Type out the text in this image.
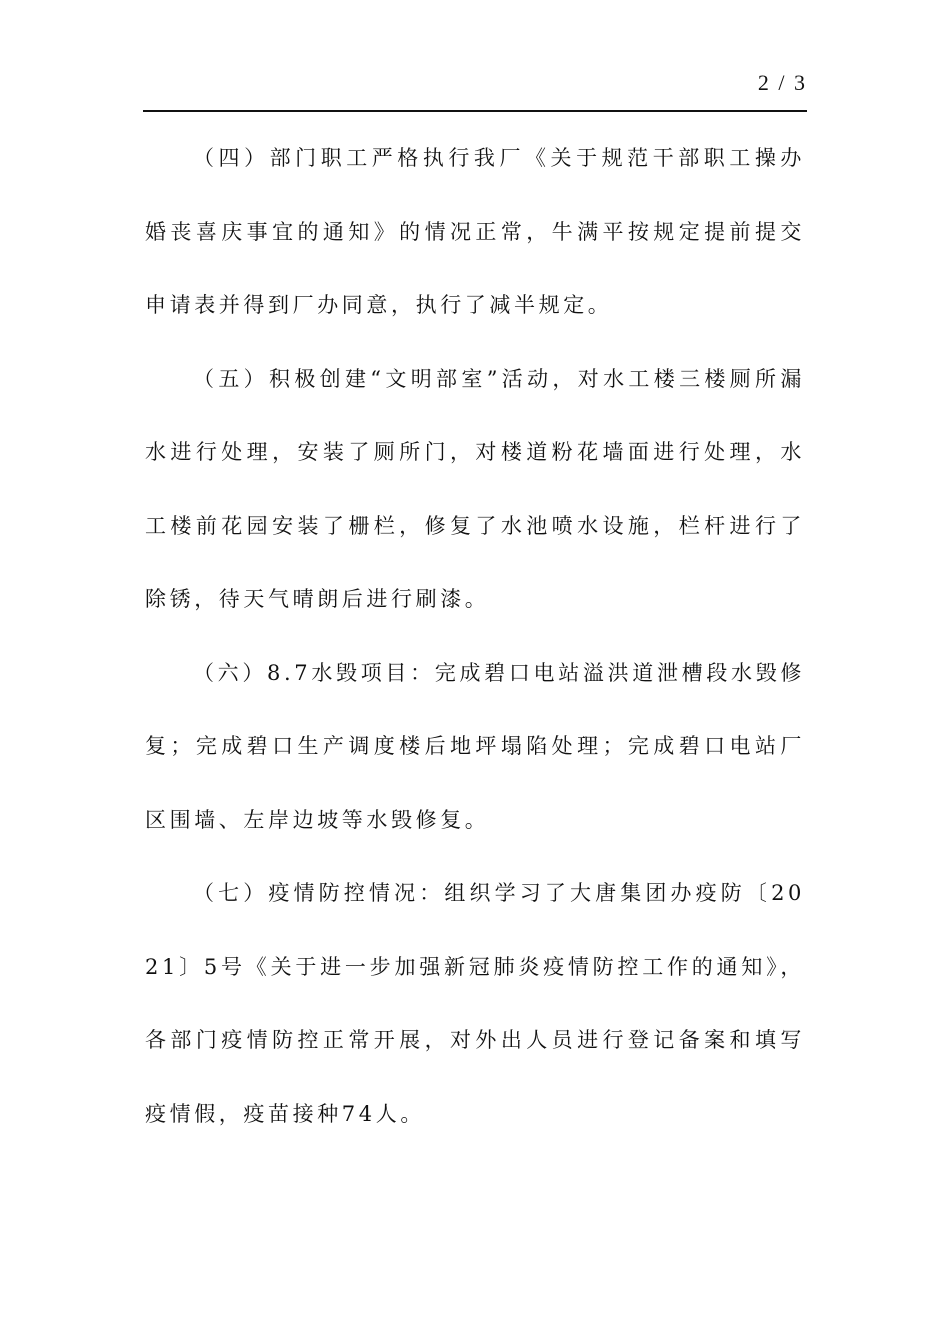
2 / 3

（四）部门职工严格执行我厂《关于规范干部职工操办婚丧喜庆事宜的通知》的情况正常，牛满平按规定提前提交申请表并得到厂办同意，执行了减半规定。

（五）积极创建“文明部室”活动，对水工楼三楼厕所漏水进行处理，安装了厕所门，对楼道粉花墙面进行处理，水工楼前花园安装了栅栏，修复了水池喷水设施，栏杆进行了除锈，待天气晴朗后进行刷漆。

（六）8.7水毁项目：完成碧口电站溢洪道泄槽段水毁修复；完成碧口生产调度楼后地坪塌陷处理；完成碧口电站厂区围墙、左岸边坡等水毁修复。

（七）疫情防控情况：组织学习了大唐集团办疫防〔2021〕5号《关于进一步加强新冠肺炎疫情防控工作的通知》，各部门疫情防控正常开展，对外出人员进行登记备案和填写疫情假，疫苗接种74人。
